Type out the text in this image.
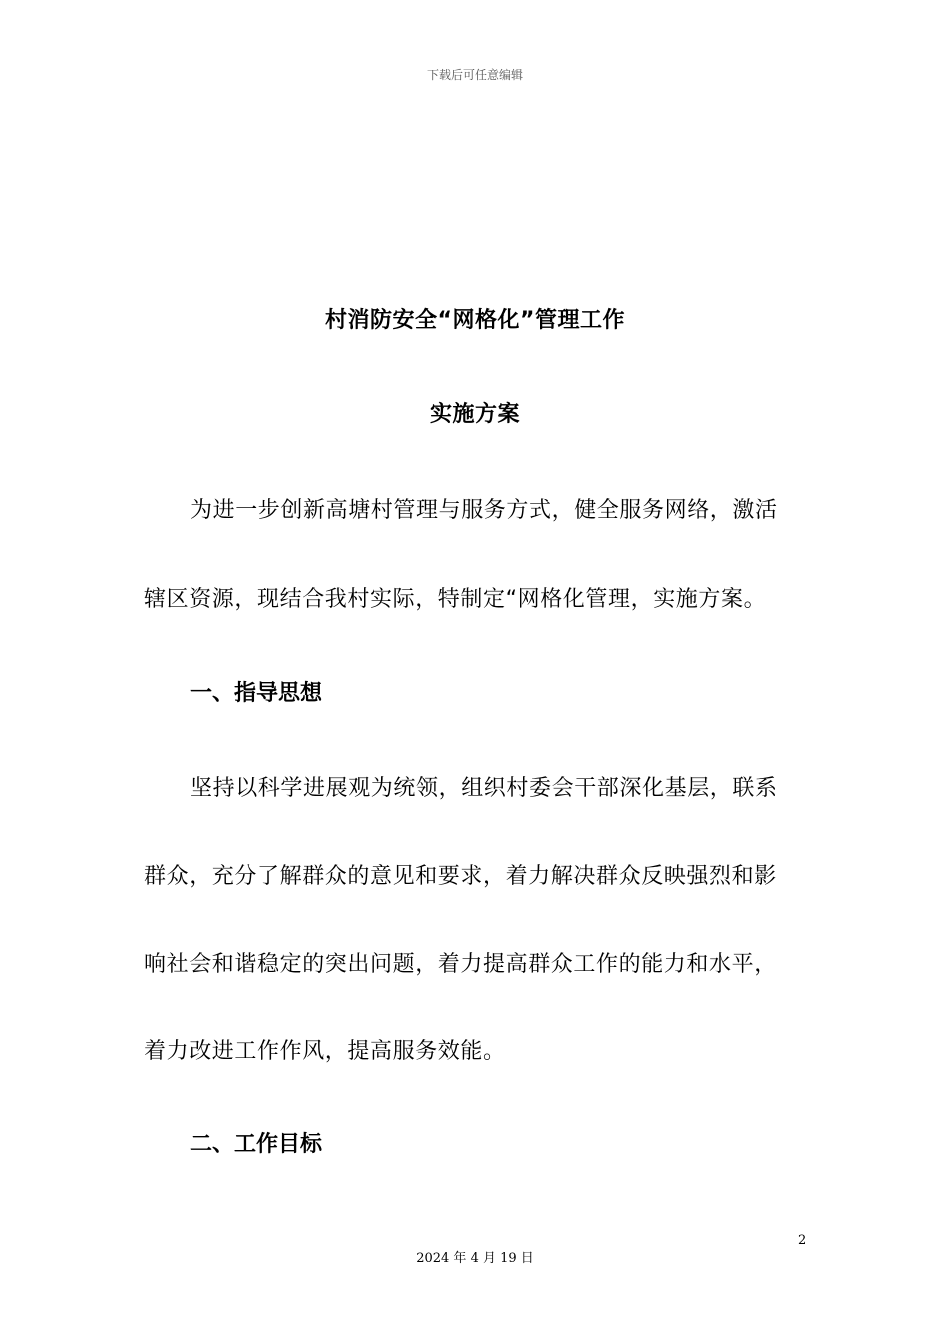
下载后可任意编辑
村消防安全“网格化”管理工作
实施方案
为进一步创新高塘村管理与服务方式，健全服务网络，激活
辖区资源，现结合我村实际，特制定“网格化管理，实施方案。
一、指导思想
坚持以科学进展观为统领，组织村委会干部深化基层，联系
群众，充分了解群众的意见和要求，着力解决群众反映强烈和影
响社会和谐稳定的突出问题，着力提高群众工作的能力和水平，
着力改进工作作风，提高服务效能。
二、工作目标
2
2024 年 4 月 19 日
